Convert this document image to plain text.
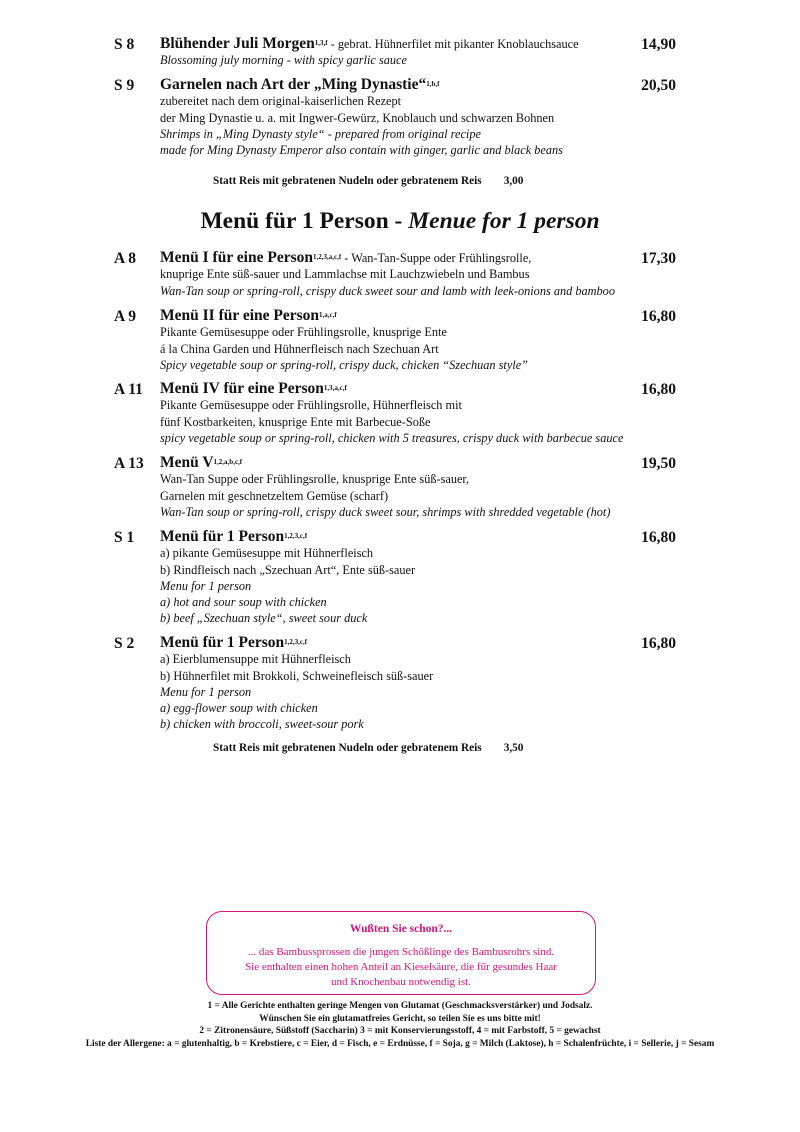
S 8 Blühender Juli Morgen$^{1,3,f}$ - gebrat. Hühnerfilet mit pikanter Knoblauchsauce
Blossoming july morning - with spicy garlic sauce
14,90
S 9 Garnelen nach Art der „Ming Dynastie“$^{1,b,f}$
zubereitet nach dem original-kaiserlichen Rezept
der Ming Dynastie u. a. mit Ingwer-Gewürz, Knoblauch und schwarzen Bohnen
Shrimps in „Ming Dynasty style“ - prepared from original recipe
made for Ming Dynasty Emperor also contain with ginger, garlic and black beans
20,50
Statt Reis mit gebratenen Nudeln oder gebratenem Reis 3,00
Menü für 1 Person - Menue for 1 person
A 8 Menü I für eine Person$^{1,2,3,a,c,f}$ - Wan-Tan-Suppe oder Frühlingsrolle,
knuprige Ente süß-sauer und Lammlachse mit Lauchzwiebeln und Bambus
Wan-Tan soup or spring-roll, crispy duck sweet sour and lamb with leek-onions and bamboo
17,30
A 9 Menü II für eine Person$^{1,a,c,f}$
Pikante Gemüsesuppe oder Frühlingsrolle, knusprige Ente
á la China Garden und Hühnerfleisch nach Szechuan Art
Spicy vegetable soup or spring-roll, crispy duck, chicken “Szechuan style”
16,80
A 11 Menü IV für eine Person$^{1,3,a,c,f}$
Pikante Gemüsesuppe oder Frühlingsrolle, Hühnerfleisch mit
fünf Kostbarkeiten, knusprige Ente mit Barbecue-Soße
spicy vegetable soup or spring-roll, chicken with 5 treasures, crispy duck with barbecue sauce
16,80
A 13 Menü V$^{1,2,a,b,c,f}$
Wan-Tan Suppe oder Frühlingsrolle, knusprige Ente süß-sauer,
Garnelen mit geschnetzeltem Gemüse (scharf)
Wan-Tan soup or spring-roll, crispy duck sweet sour, shrimps with shredded vegetable (hot)
19,50
S 1 Menü für 1 Person$^{1,2,3,c,f}$
a) pikante Gemüsesuppe mit Hühnerfleisch
b) Rindfleisch nach „Szechuan Art“, Ente süß-sauer
Menu for 1 person
a) hot and sour soup with chicken
b) beef „Szechuan style“, sweet sour duck
16,80
S 2 Menü für 1 Person$^{1,2,3,c,f}$
a) Eierblumensuppe mit Hühnerfleisch
b) Hühnerfilet mit Brokkoli, Schweinefleisch süß-sauer
Menu for 1 person
a) egg-flower soup with chicken
b) chicken with broccoli, sweet-sour pork
16,80
Statt Reis mit gebratenen Nudeln oder gebratenem Reis 3,50
Wußten Sie schon?...
... das Bambussprossen die jungen Schößlinge des Bambusrohrs sind.
Sie enthalten einen hohen Anteil an Kieselsäure, die für gesundes Haar
und Knochenbau notwendig ist.
1 = Alle Gerichte enthalten geringe Mengen von Glutamat (Geschmacksverstärker) und Jodsalz.
Wünschen Sie ein glutamatfreies Gericht, so teilen Sie es uns bitte mit!
2 = Zitronensäure, Süßstoff (Saccharin) 3 = mit Konservierungsstoff, 4 = mit Farbstoff, 5 = gewachst
Liste der Allergene: a = glutenhaltig, b = Krebstiere, c = Eier, d = Fisch, e = Erdnüsse, f = Soja, g = Milch (Laktose), h = Schalenfrüchte, i = Sellerie, j = Sesam
